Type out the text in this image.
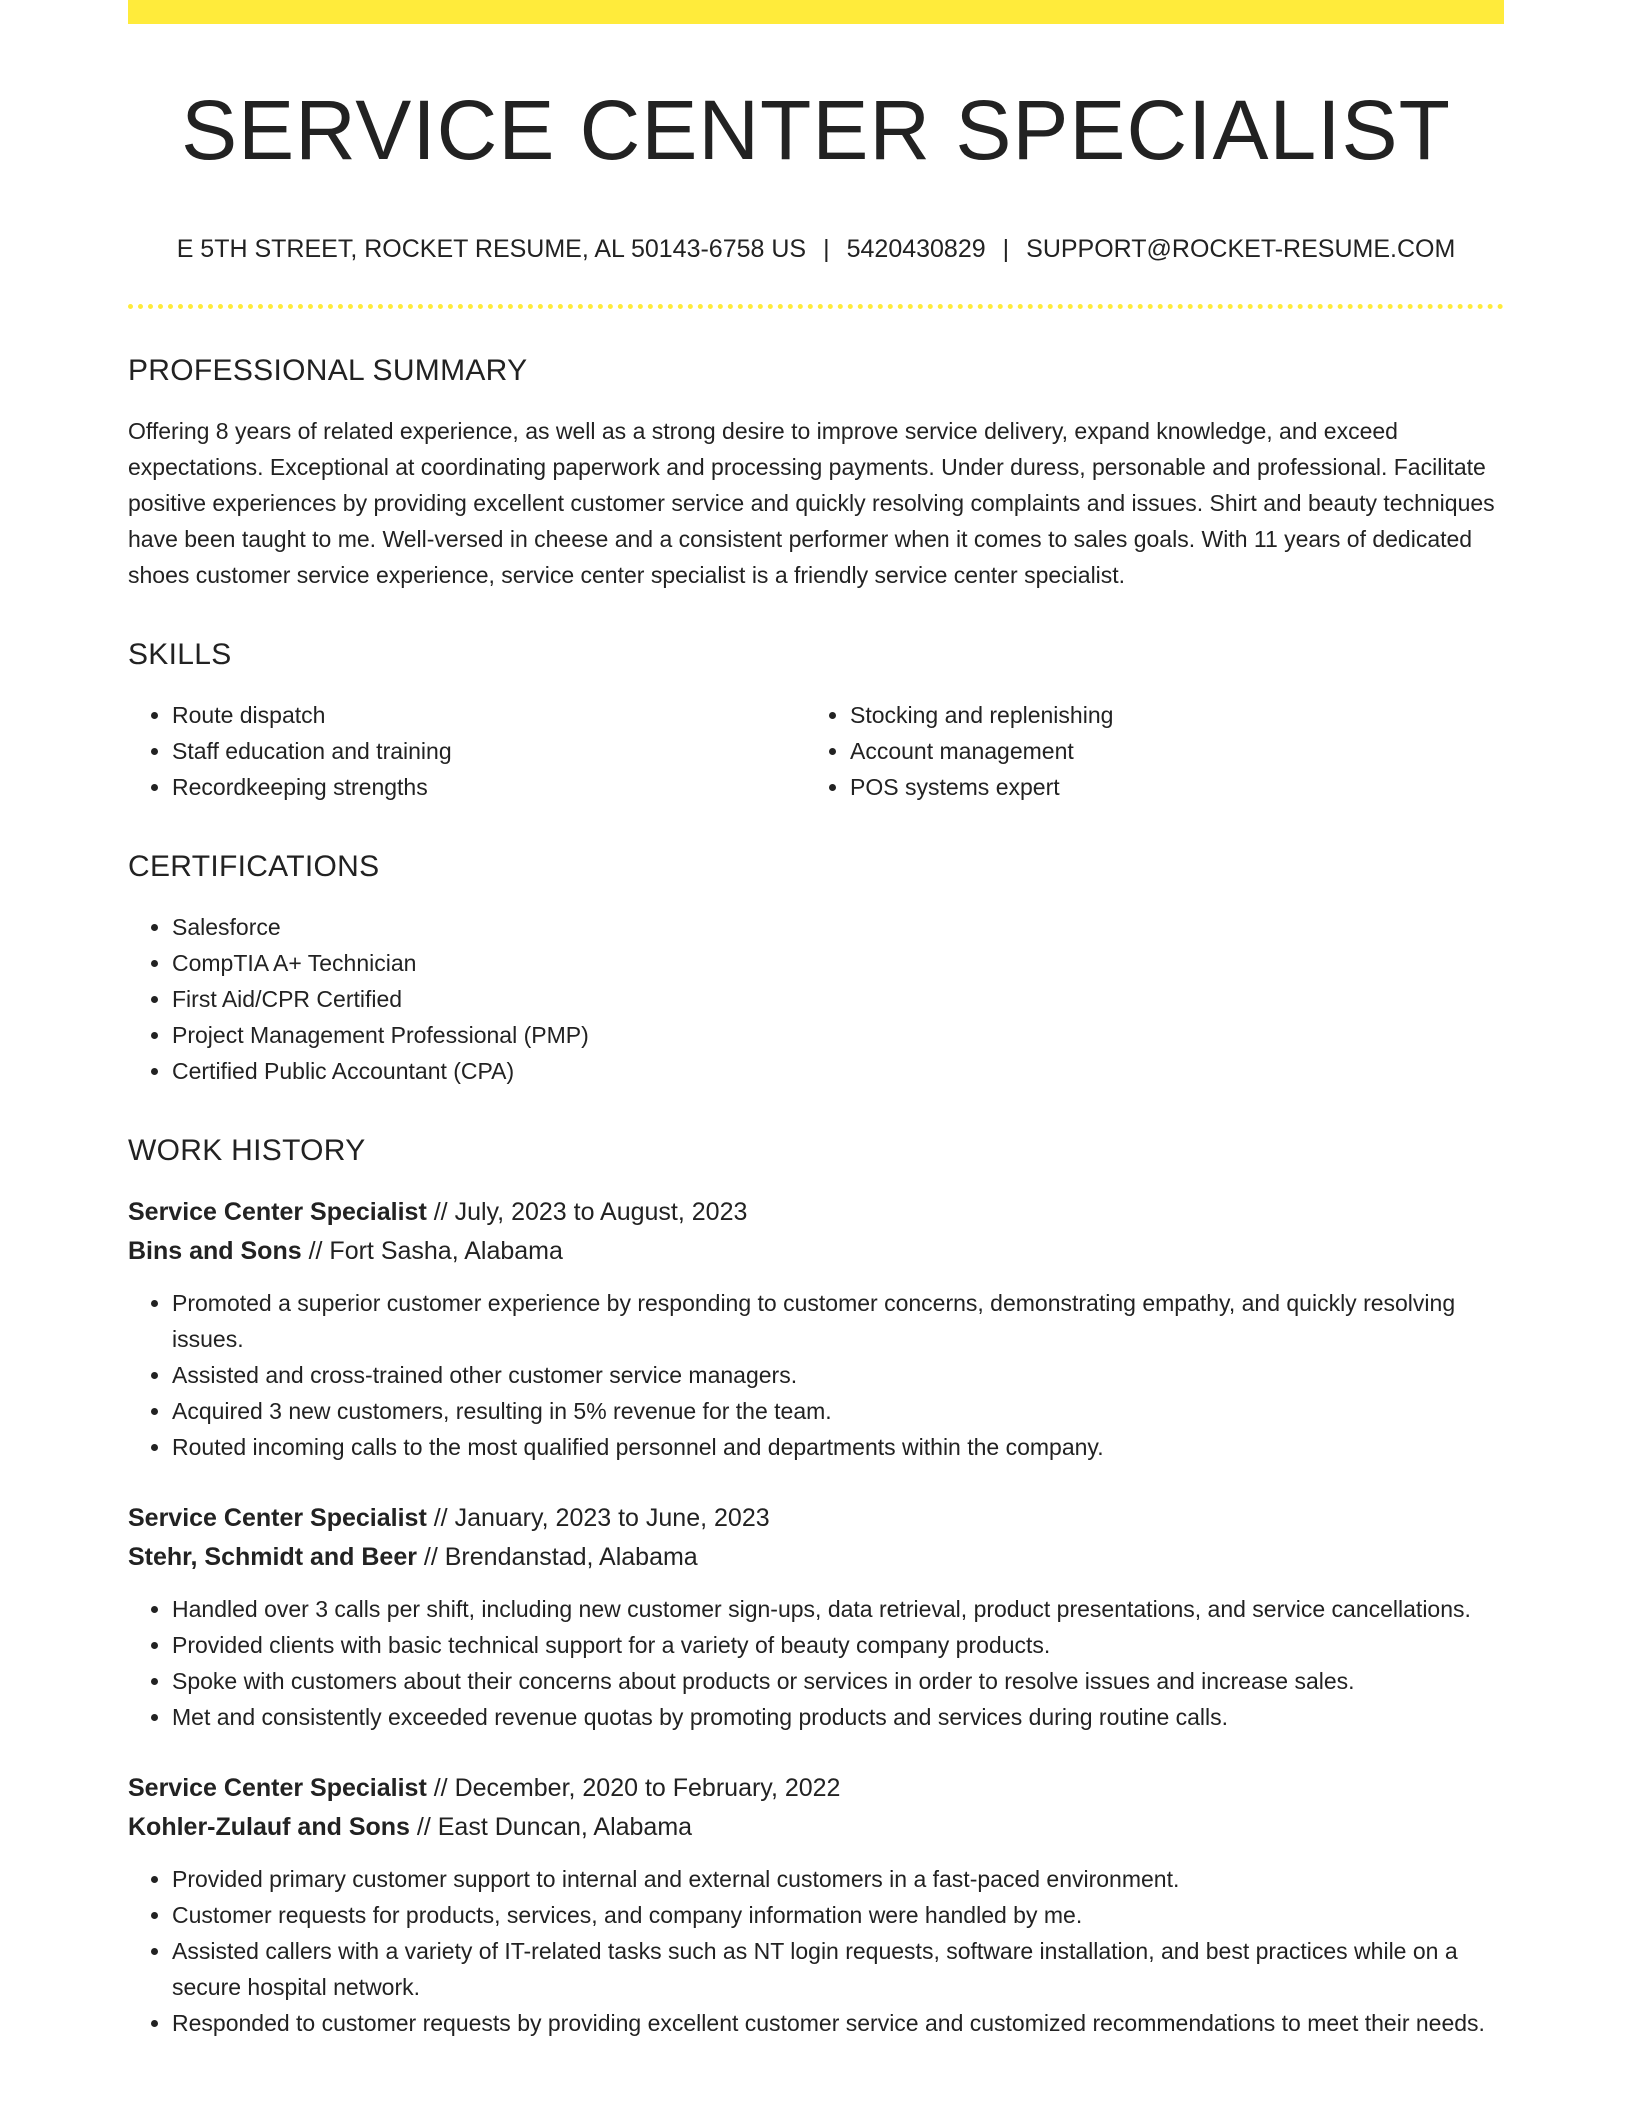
SERVICE CENTER SPECIALIST
E 5TH STREET, ROCKET RESUME, AL 50143-6758 US | 5420430829 | SUPPORT@ROCKET-RESUME.COM
PROFESSIONAL SUMMARY

Offering 8 years of related experience, as well as a strong desire to improve service delivery, expand knowledge, and exceed expectations. Exceptional at coordinating paperwork and processing payments. Under duress, personable and professional. Facilitate positive experiences by providing excellent customer service and quickly resolving complaints and issues. Shirt and beauty techniques have been taught to me. Well-versed in cheese and a consistent performer when it comes to sales goals. With 11 years of dedicated shoes customer service experience, service center specialist is a friendly service center specialist.

SKILLS
• Route dispatch
• Staff education and training
• Recordkeeping strengths
• Stocking and replenishing
• Account management
• POS systems expert
CERTIFICATIONS
• Salesforce
• CompTIA A+ Technician
• First Aid/CPR Certified
• Project Management Professional (PMP)
• Certified Public Accountant (CPA)
WORK HISTORY
Service Center Specialist // July, 2023 to August, 2023
Bins and Sons // Fort Sasha, Alabama
• Promoted a superior customer experience by responding to customer concerns, demonstrating empathy, and quickly resolving issues.
• Assisted and cross-trained other customer service managers.
• Acquired 3 new customers, resulting in 5% revenue for the team.
• Routed incoming calls to the most qualified personnel and departments within the company.
Service Center Specialist // January, 2023 to June, 2023
Stehr, Schmidt and Beer // Brendanstad, Alabama
• Handled over 3 calls per shift, including new customer sign-ups, data retrieval, product presentations, and service cancellations.
• Provided clients with basic technical support for a variety of beauty company products.
• Spoke with customers about their concerns about products or services in order to resolve issues and increase sales.
• Met and consistently exceeded revenue quotas by promoting products and services during routine calls.
Service Center Specialist // December, 2020 to February, 2022
Kohler-Zulauf and Sons // East Duncan, Alabama
• Provided primary customer support to internal and external customers in a fast-paced environment.
• Customer requests for products, services, and company information were handled by me.
• Assisted callers with a variety of IT-related tasks such as NT login requests, software installation, and best practices while on a secure hospital network.
• Responded to customer requests by providing excellent customer service and customized recommendations to meet their needs.
